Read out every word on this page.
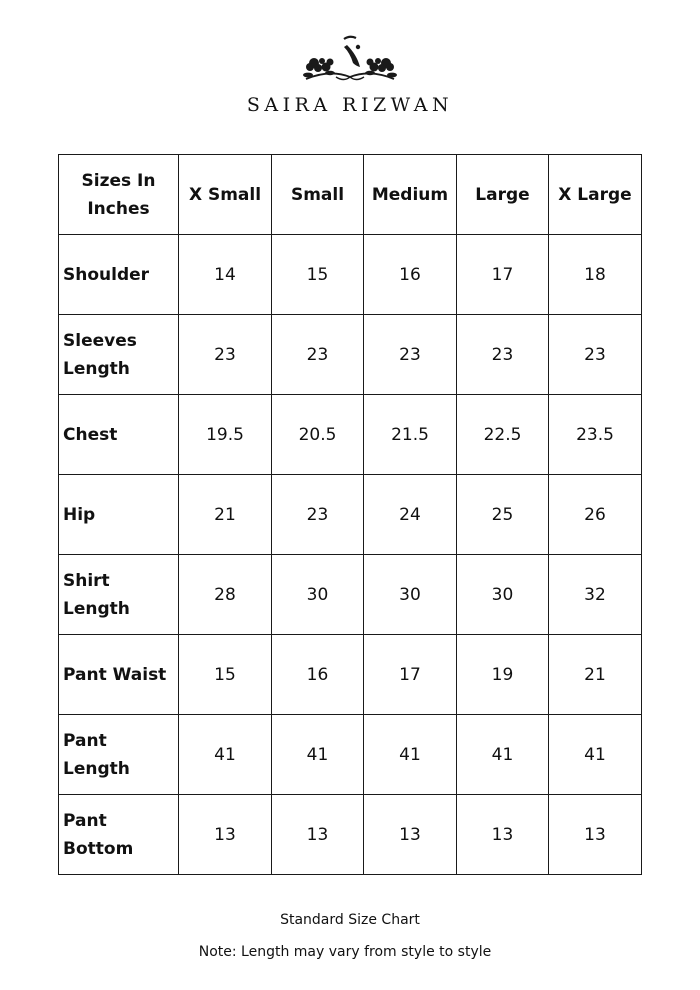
SAIRA RIZWAN
Sizes In
Inches	X Small	Small	Medium	Large	X Large
Shoulder	14	15	16	17	18
Sleeves
Length	23	23	23	23	23
Chest	19.5	20.5	21.5	22.5	23.5
Hip	21	23	24	25	26
Shirt Length	28	30	30	30	32
Pant Waist	15	16	17	19	21
Pant Length	41	41	41	41	41
Pant Bottom	13	13	13	13	13
Standard Size Chart
Note: Length may vary from style to style
